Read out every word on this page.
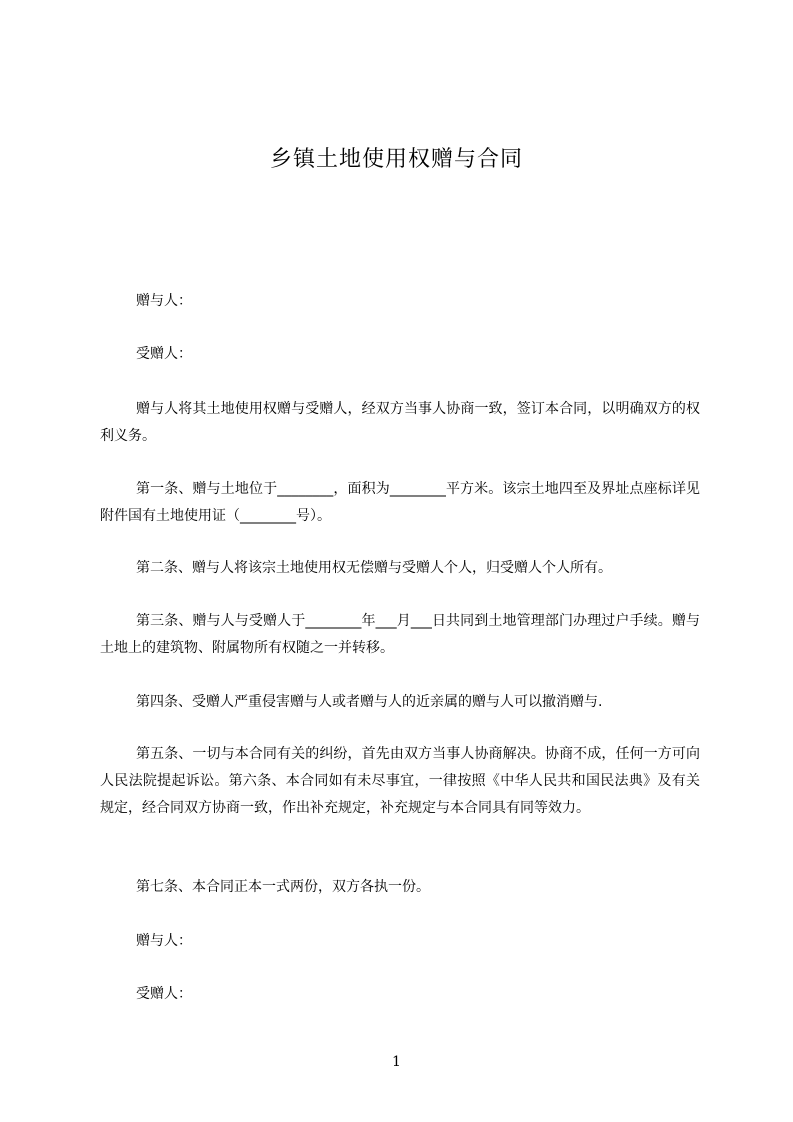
乡镇土地使用权赠与合同
赠与人：
受赠人：

赠与人将其土地使用权赠与受赠人，经双方当事人协商一致，签订本合同，以明确双方的权利义务。

第一条、赠与土地位于________，面积为________平方米。该宗土地四至及界址点座标详见附件国有土地使用证（________号）。

第二条、赠与人将该宗土地使用权无偿赠与受赠人个人，归受赠人个人所有。

第三条、赠与人与受赠人于________年___月___日共同到土地管理部门办理过户手续。赠与土地上的建筑物、附属物所有权随之一并转移。

第四条、受赠人严重侵害赠与人或者赠与人的近亲属的赠与人可以撤消赠与.

第五条、一切与本合同有关的纠纷，首先由双方当事人协商解决。协商不成，任何一方可向人民法院提起诉讼。第六条、本合同如有未尽事宜，一律按照《中华人民共和国民法典》及有关规定，经合同双方协商一致，作出补充规定，补充规定与本合同具有同等效力。

第七条、本合同正本一式两份，双方各执一份。

赠与人：
受赠人：
1
